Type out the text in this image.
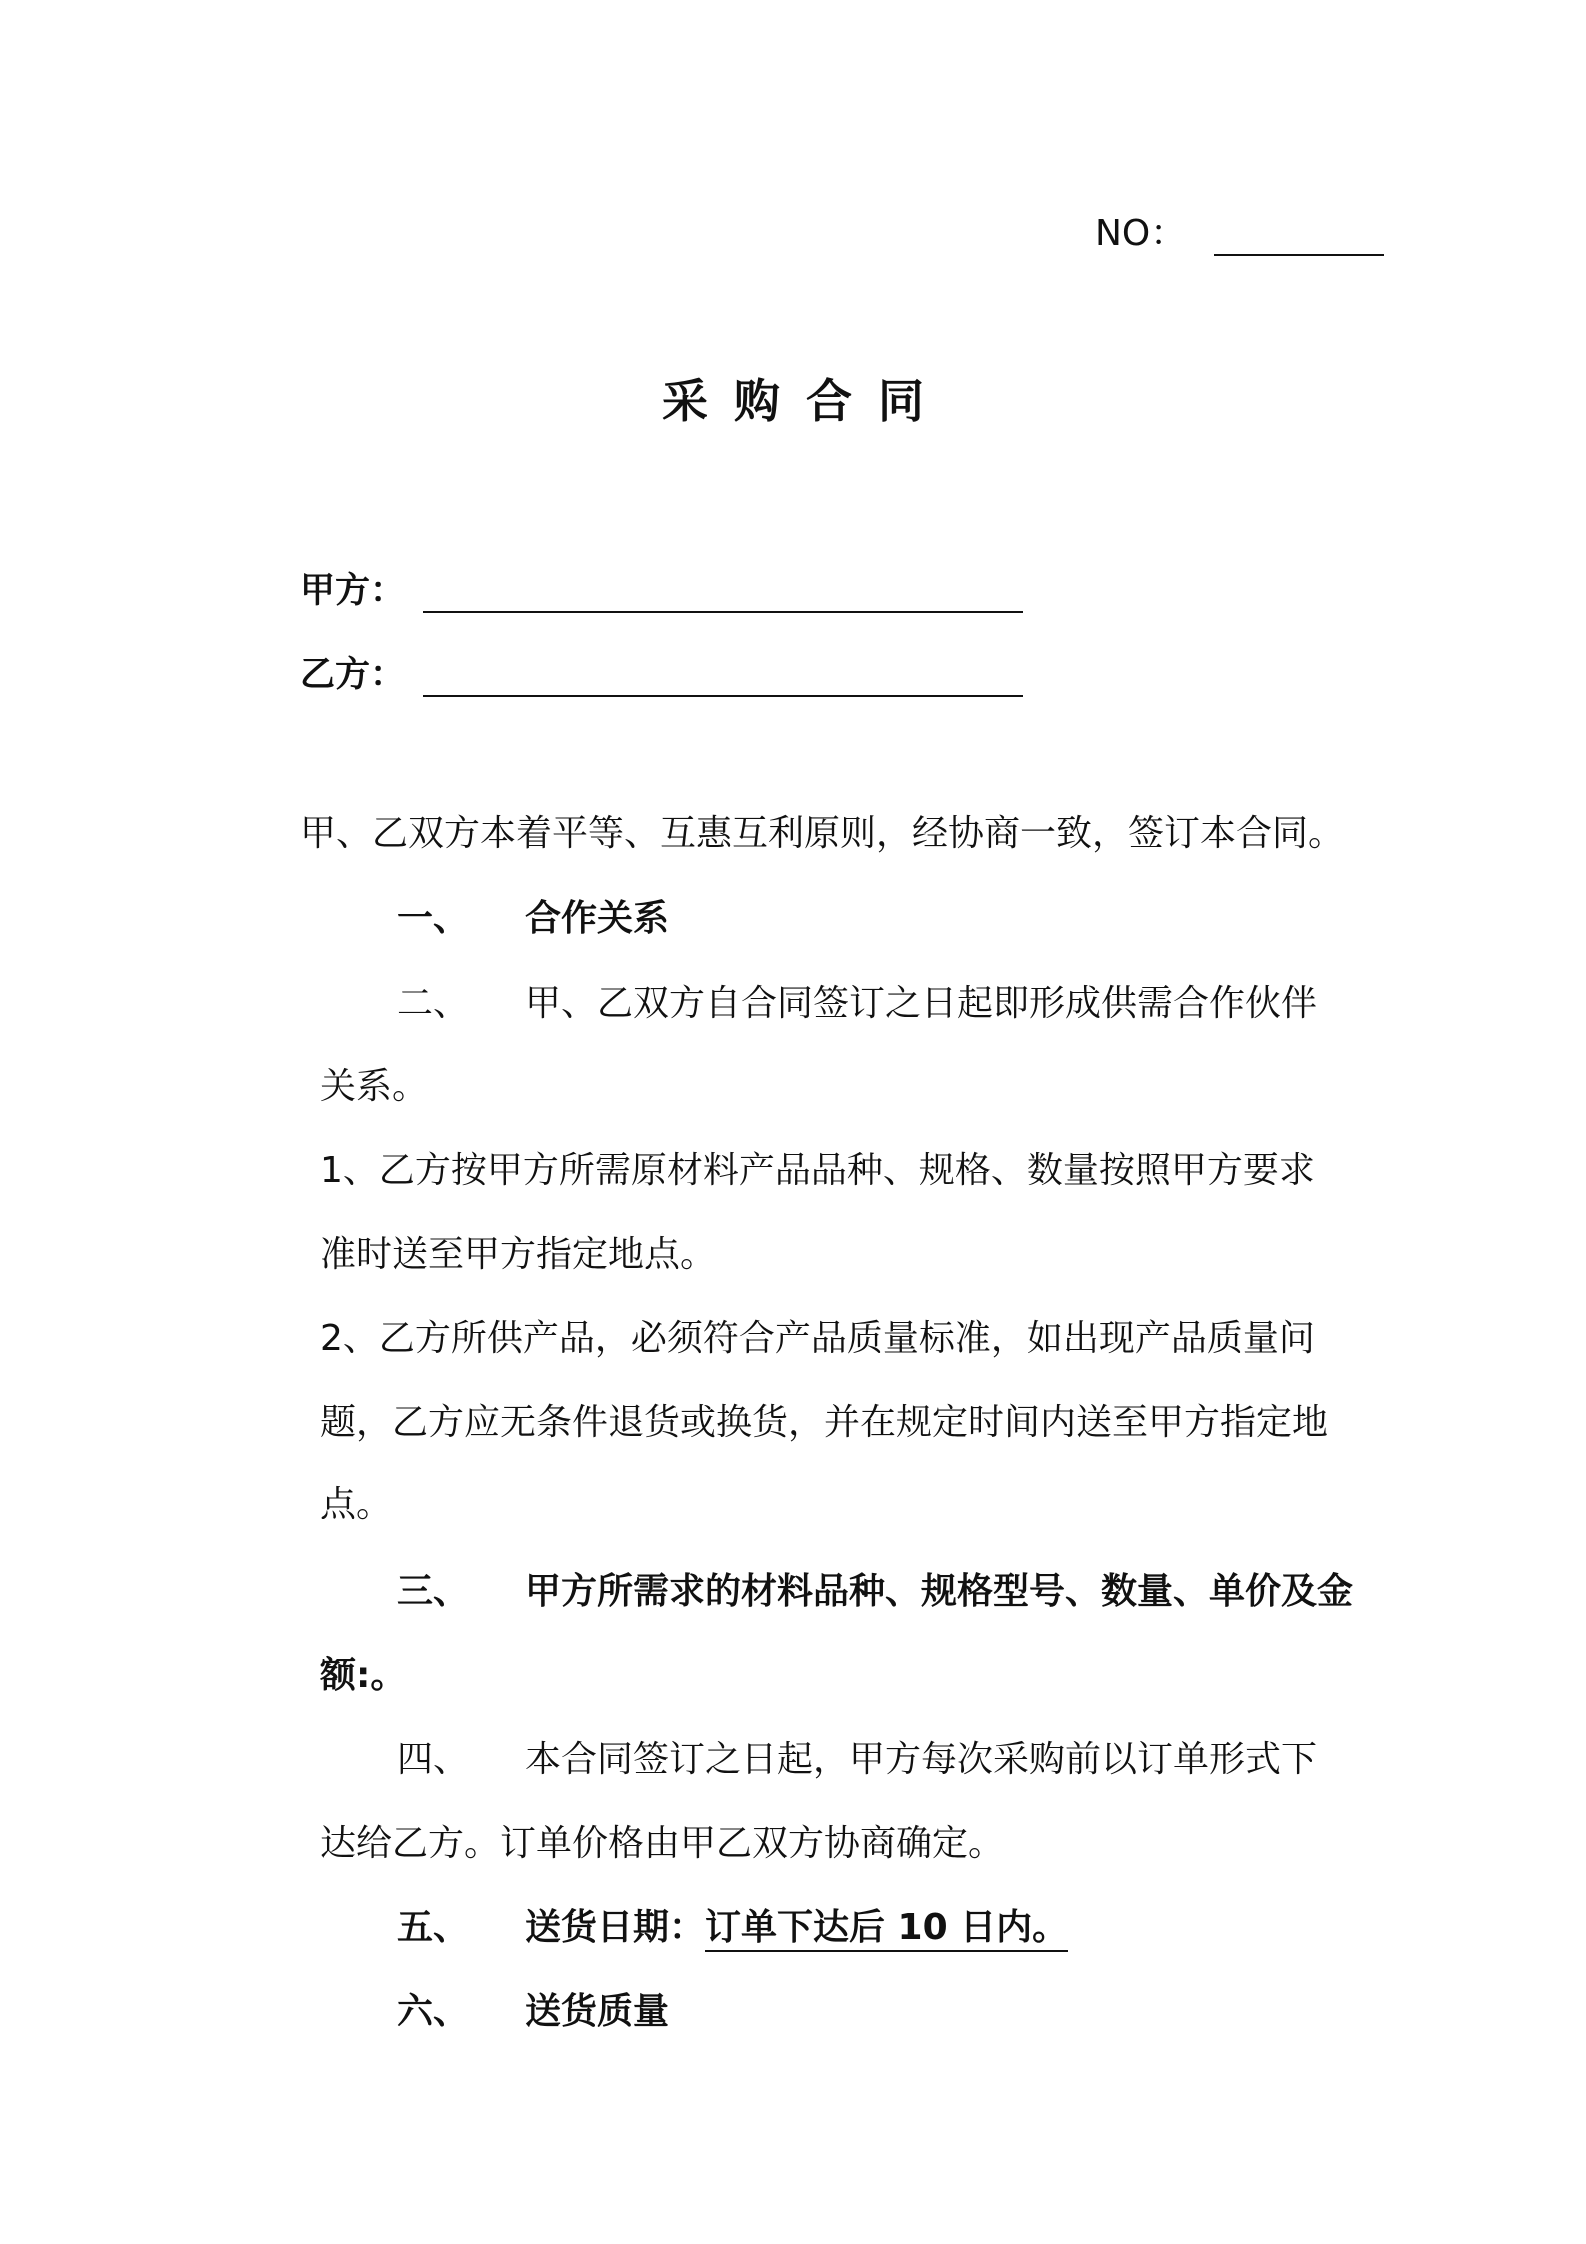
NO：
采购合同
甲方：
乙方：
甲、乙双方本着平等、互惠互利原则，经协商一致，签订本合同。
一、 合作关系
二、 甲、乙双方自合同签订之日起即形成供需合作伙伴
关系。
1、乙方按甲方所需原材料产品品种、规格、数量按照甲方要求
准时送至甲方指定地点。
2、乙方所供产品，必须符合产品质量标准，如出现产品质量问
题，乙方应无条件退货或换货，并在规定时间内送至甲方指定地
点。
三、 甲方所需求的材料品种、规格型号、数量、单价及金
额:。
四、 本合同签订之日起，甲方每次采购前以订单形式下
达给乙方。订单价格由甲乙双方协商确定。
五、 送货日期：订单下达后 10 日内。
六、 送货质量
